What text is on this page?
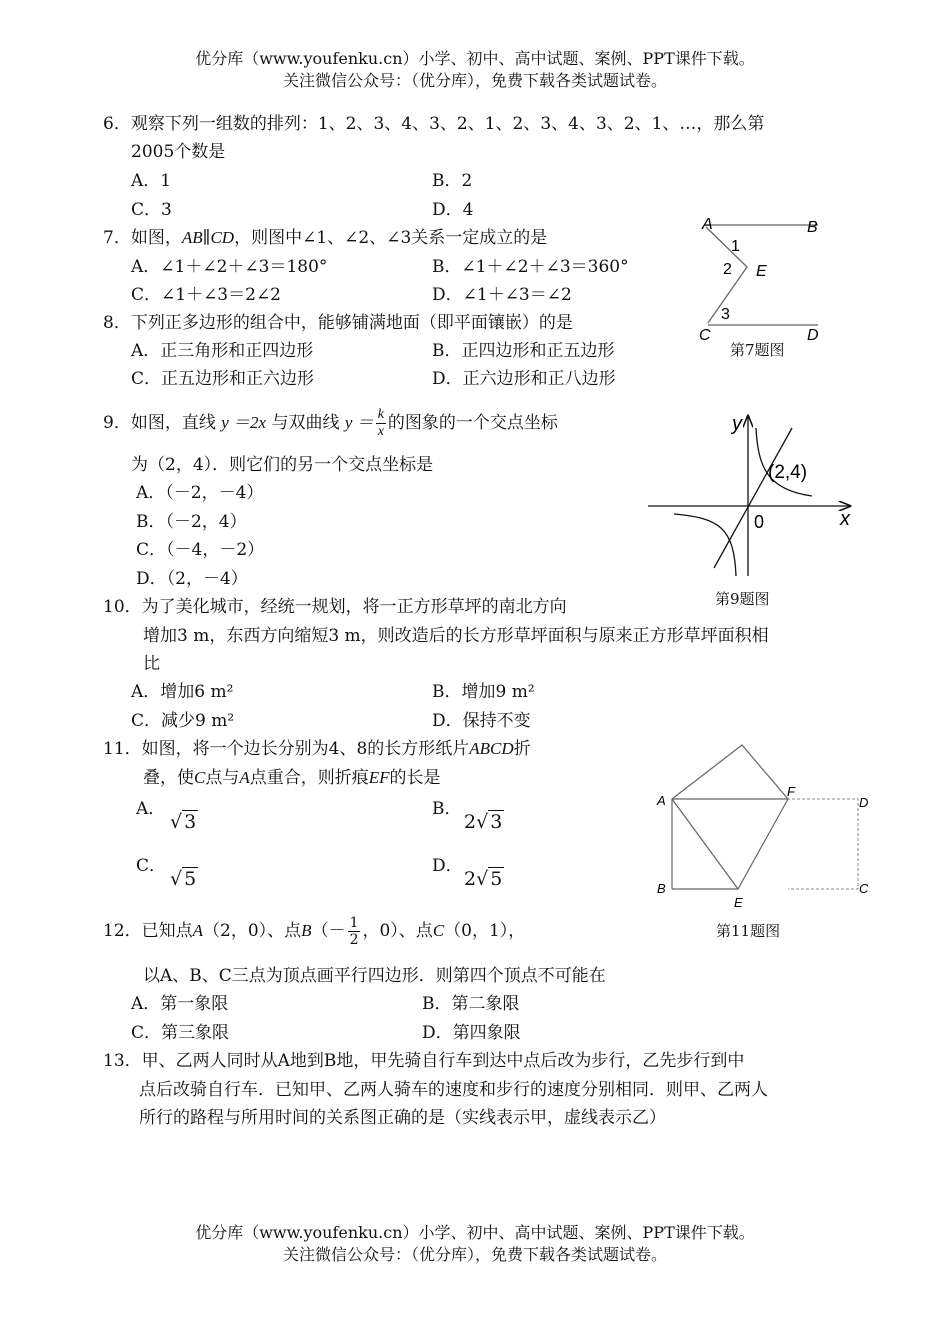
优分库（www.youfenku.cn）小学、初中、高中试题、案例、PPT课件下载。
关注微信公众号：（优分库），免费下载各类试题试卷。
6．观察下列一组数的排列：1、2、3、4、3、2、1、2、3、4、3、2、1、…，那么第
2005个数是
A．1	B．2
C．3	D．4
7．如图，AB∥CD，则图中∠1、∠2、∠3关系一定成立的是
A．∠1＋∠2＋∠3＝180°	B．∠1＋∠2＋∠3＝360°
C．∠1＋∠3＝2∠2	D．∠1＋∠3＝∠2
A	B
E
C	D
1
2
3
第7题图
8．下列正多边形的组合中，能够铺满地面（即平面镶嵌）的是
A．正三角形和正四边形	B．正四边形和正五边形
C．正五边形和正六边形	D．正六边形和正八边形
9．如图，直线 y ＝2x 与双曲线 $y = \frac{k}{x}$ 的图象的一个交点坐标
为（2，4）．则它们的另一个交点坐标是
A．（－2，－4）
B．（－2，4）
C．（－4，－2）
D．（2，－4）
y
x
0
(2,4)
第9题图
10．为了美化城市，经统一规划，将一正方形草坪的南北方向
增加3 m，东西方向缩短3 m，则改造后的长方形草坪面积与原来正方形草坪面积相
比
A．增加6 m²	B．增加9 m²
C．减少9 m²	D．保持不变
11．如图，将一个边长分别为4、8的长方形纸片ABCD折
叠，使C点与A点重合，则折痕EF的长是
A．
√ 3
B．
2√ 3
C．
√ 5
D．
2√ 5
A
B
E
F
D
C
第11题图
12．已知点A（2，0）、点$B(- \frac{1}{2}$ ，0）、点C（0，1），
以A、B、C三点为顶点画平行四边形．则第四个顶点不可能在
A．第一象限	B．第二象限
C．第三象限	D．第四象限
13．甲、乙两人同时从A地到B地，甲先骑自行车到达中点后改为步行，乙先步行到中
点后改骑自行车．已知甲、乙两人骑车的速度和步行的速度分别相同．则甲、乙两人
所行的路程与所用时间的关系图正确的是（实线表示甲，虚线表示乙）
优分库（www.youfenku.cn）小学、初中、高中试题、案例、PPT课件下载。
关注微信公众号：（优分库），免费下载各类试题试卷。
